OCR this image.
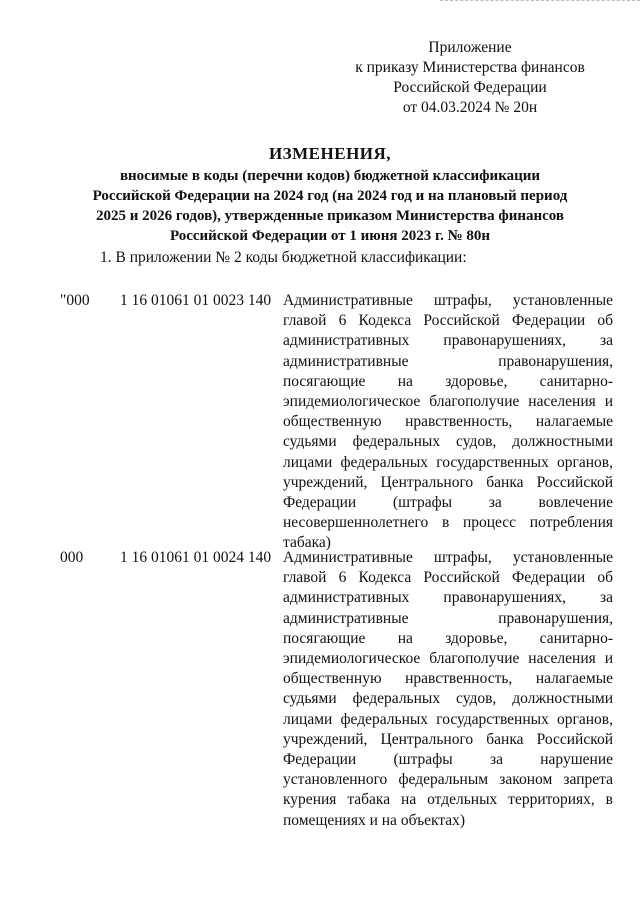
Приложение
к приказу Министерства финансов
Российской Федерации
от 04.03.2024 № 20н
ИЗМЕНЕНИЯ,
вносимые в коды (перечни кодов) бюджетной классификации
Российской Федерации на 2024 год (на 2024 год и на плановый период
2025 и 2026 годов), утвержденные приказом Министерства финансов
Российской Федерации от 1 июня 2023 г. № 80н
1. В приложении № 2 коды бюджетной классификации:
"000 1 16 01061 01 0023 140 Административные штрафы, установленные главой 6 Кодекса Российской Федерации об административных правонарушениях, за административные правонарушения, посягающие на здоровье, санитарно-эпидемиологическое благополучие населения и общественную нравственность, налагаемые судьями федеральных судов, должностными лицами федеральных государственных органов, учреждений, Центрального банка Российской Федерации (штрафы за вовлечение несовершеннолетнего в процесс потребления табака)
000 1 16 01061 01 0024 140 Административные штрафы, установленные главой 6 Кодекса Российской Федерации об административных правонарушениях, за административные правонарушения, посягающие на здоровье, санитарно-эпидемиологическое благополучие населения и общественную нравственность, налагаемые судьями федеральных судов, должностными лицами федеральных государственных органов, учреждений, Центрального банка Российской Федерации (штрафы за нарушение установленного федеральным законом запрета курения табака на отдельных территориях, в помещениях и на объектах)
